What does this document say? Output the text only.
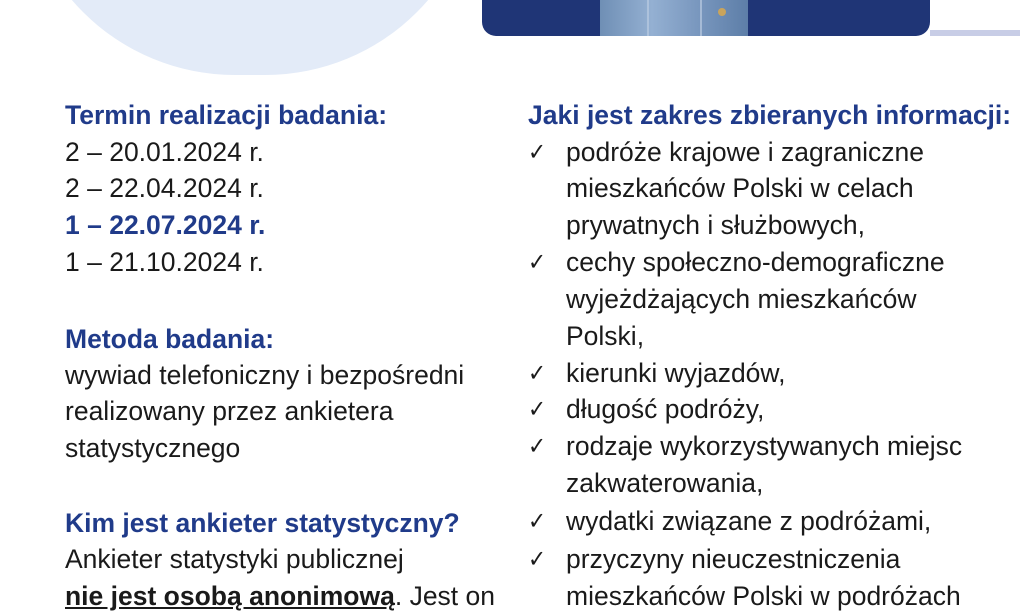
Termin realizacji badania:
2 – 20.01.2024 r.
2 – 22.04.2024 r.
1 – 22.07.2024 r.
1 – 21.10.2024 r.
Metoda badania:
wywiad telefoniczny i bezpośredni
realizowany przez ankietera
statystycznego
Kim jest ankieter statystyczny?
Ankieter statystyki publicznej
nie jest osobą anonimową. Jest on
Jaki jest zakres zbieranych informacji:
✓ podróże krajowe i zagraniczne
mieszkańców Polski w celach
prywatnych i służbowych,
✓ cechy społeczno-demograficzne
wyjeżdżających mieszkańców
Polski,
✓ kierunki wyjazdów,
✓ długość podróży,
✓ rodzaje wykorzystywanych miejsc
zakwaterowania,
✓ wydatki związane z podróżami,
✓ przyczyny nieuczestniczenia
mieszkańców Polski w podróżach
